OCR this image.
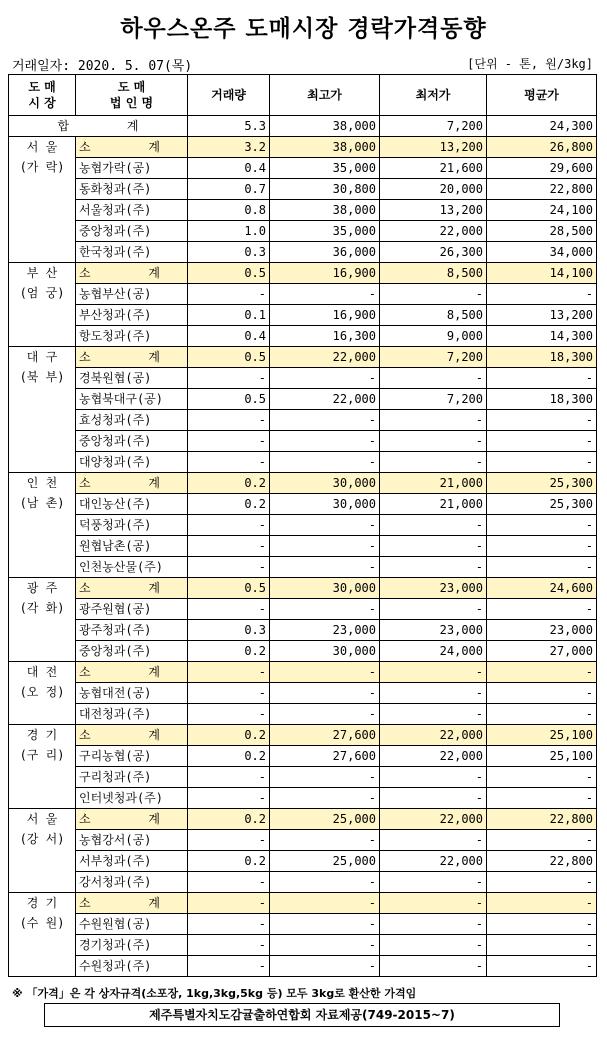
하우스온주 도매시장 경락가격동향
거래일자: 2020. 5. 07(목)	[단위 - 톤, 원/3kg]
도 매
시 장	도 매
법 인 명	거래량	최고가	최저가	평균가
합        계		5.3	38,000	7,200	24,300

서 울
(가 락)	소        계	3.2	38,000	13,200	26,800
	농협가락(공)	0.4	35,000	21,600	29,600
	동화청과(주)	0.7	30,800	20,000	22,800
	서울청과(주)	0.8	38,000	13,200	24,100
	중앙청과(주)	1.0	35,000	22,000	28,500
	한국청과(주)	0.3	36,000	26,300	34,000

부 산
(엄 궁)	소        계	0.5	16,900	8,500	14,100
	농협부산(공)	-	-	-	-
	부산청과(주)	0.1	16,900	8,500	13,200
	항도청과(주)	0.4	16,300	9,000	14,300

대 구
(북 부)	소        계	0.5	22,000	7,200	18,300
	경북원협(공)	-	-	-	-
	농협북대구(공)	0.5	22,000	7,200	18,300
	효성청과(주)	-	-	-	-
	중앙청과(주)	-	-	-	-
	대양청과(주)	-	-	-	-

인 천
(남 촌)	소        계	0.2	30,000	21,000	25,300
	대인농산(주)	0.2	30,000	21,000	25,300
	덕풍청과(주)	-	-	-	-
	원협남촌(공)	-	-	-	-
	인천농산물(주)	-	-	-	-

광 주
(각 화)	소        계	0.5	30,000	23,000	24,600
	광주원협(공)	-	-	-	-
	광주청과(주)	0.3	23,000	23,000	23,000
	중앙청과(주)	0.2	30,000	24,000	27,000

대 전
(오 정)	소        계	-	-	-	-
	농협대전(공)	-	-	-	-
	대전청과(주)	-	-	-	-

경 기
(구 리)	소        계	0.2	27,600	22,000	25,100
	구리농협(공)	0.2	27,600	22,000	25,100
	구리청과(주)	-	-	-	-
	인터넷청과(주)	-	-	-	-

서 울
(강 서)	소        계	0.2	25,000	22,000	22,800
	농협강서(공)	-	-	-	-
	서부청과(주)	0.2	25,000	22,000	22,800
	강서청과(주)	-	-	-	-

경 기
(수 원)	소        계	-	-	-	-
	수원원협(공)	-	-	-	-
	경기청과(주)	-	-	-	-
	수원청과(주)	-	-	-	-
※ 「가격」은 각 상자규격(소포장, 1kg,3kg,5kg 등) 모두 3kg로 환산한 가격임
제주특별자치도감귤출하연합회 자료제공(749-2015~7)
